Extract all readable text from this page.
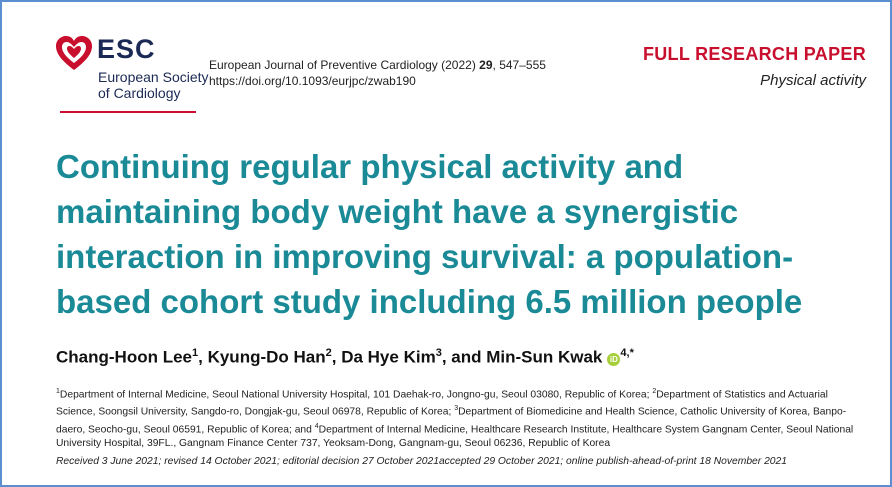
ESC
European Society
of Cardiology
European Journal of Preventive Cardiology (2022) 29, 547–555
https://doi.org/10.1093/eurjpc/zwab190
FULL RESEARCH PAPER
Physical activity
Continuing regular physical activity and
maintaining body weight have a synergistic
interaction in improving survival: a population-
based cohort study including 6.5 million people
Chang-Hoon Lee$^1$, Kyung-Do Han$^2$, Da Hye Kim$^3$, and Min-Sun Kwak $iD^{4,*}$
$^1$Department of Internal Medicine, Seoul National University Hospital, 101 Daehak-ro, Jongno-gu, Seoul 03080, Republic of Korea; $^2$Department of Statistics and Actuarial Science, Soongsil University, Sangdo-ro, Dongjak-gu, Seoul 06978, Republic of Korea; $^3$Department of Biomedicine and Health Science, Catholic University of Korea, Banpo-daero, Seocho-gu, Seoul 06591, Republic of Korea; and $^4$Department of Internal Medicine, Healthcare Research Institute, Healthcare System Gangnam Center, Seoul National University Hospital, 39FL., Gangnam Finance Center 737, Yeoksam-Dong, Gangnam-gu, Seoul 06236, Republic of Korea
Received 3 June 2021; revised 14 October 2021; editorial decision 27 October 2021accepted 29 October 2021; online publish-ahead-of-print 18 November 2021
